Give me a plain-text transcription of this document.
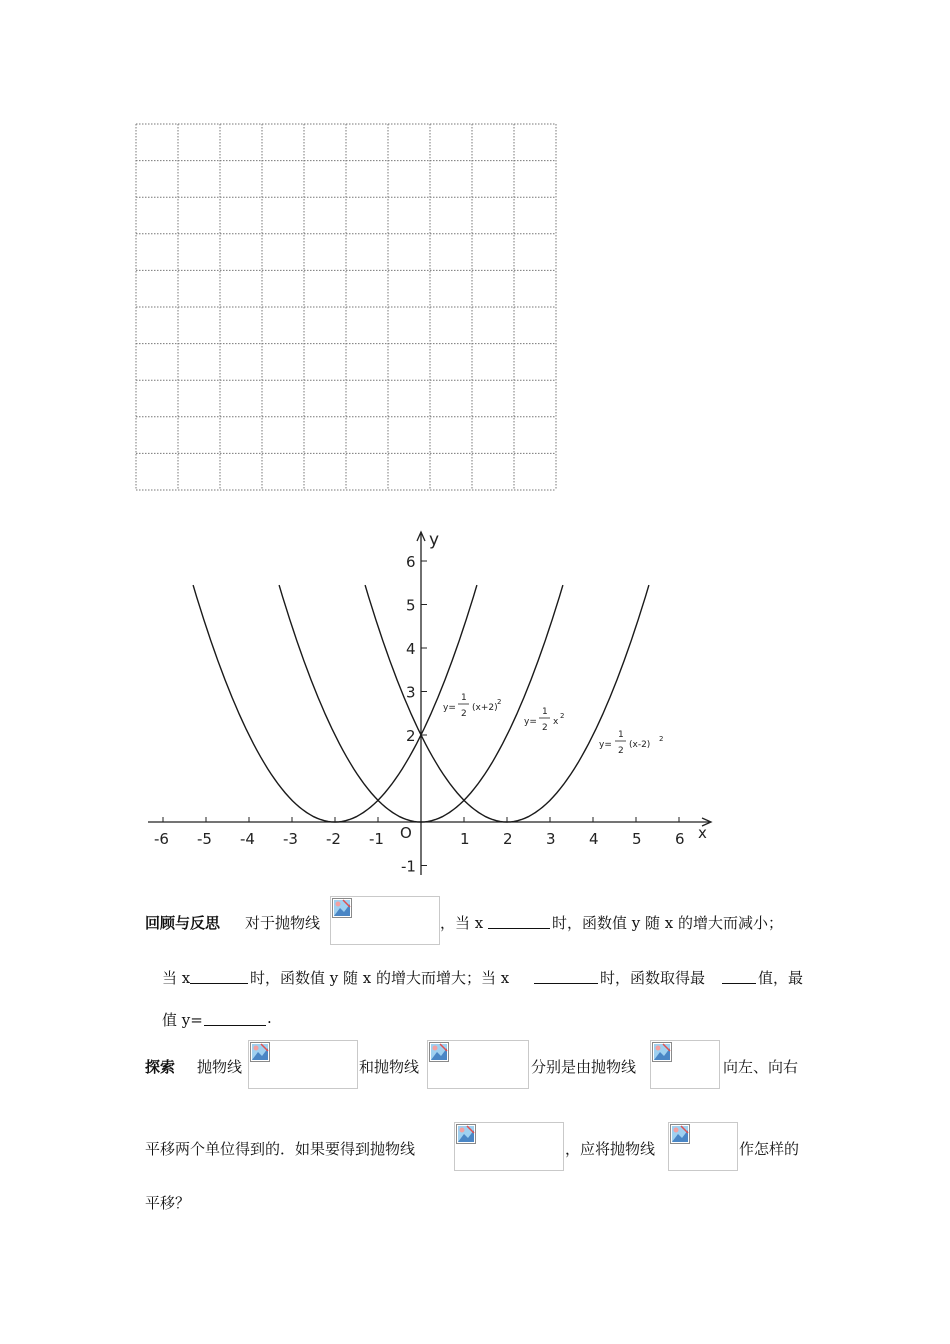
-6 -5 -4 -3 -2 -1	1 2 3 4 5 6
6
5
4
3
2
-1
x
y
O
y=
1
2
(x+2)
2
y=
1
2
x
2
y=
1
2
(x-2)
2
回顾与反思 对于抛物线	，当 x	时，函数值 y 随 x 的增大而减小；
当 x	时，函数值 y 随 x 的增大而增大；当 x	时，函数取得最	值，最
值 y=	.
探索 抛物线	和抛物线	分别是由抛物线	向左、向右
平移两个单位得到的．如果要得到抛物线	，应将抛物线	作怎样的
平移？
